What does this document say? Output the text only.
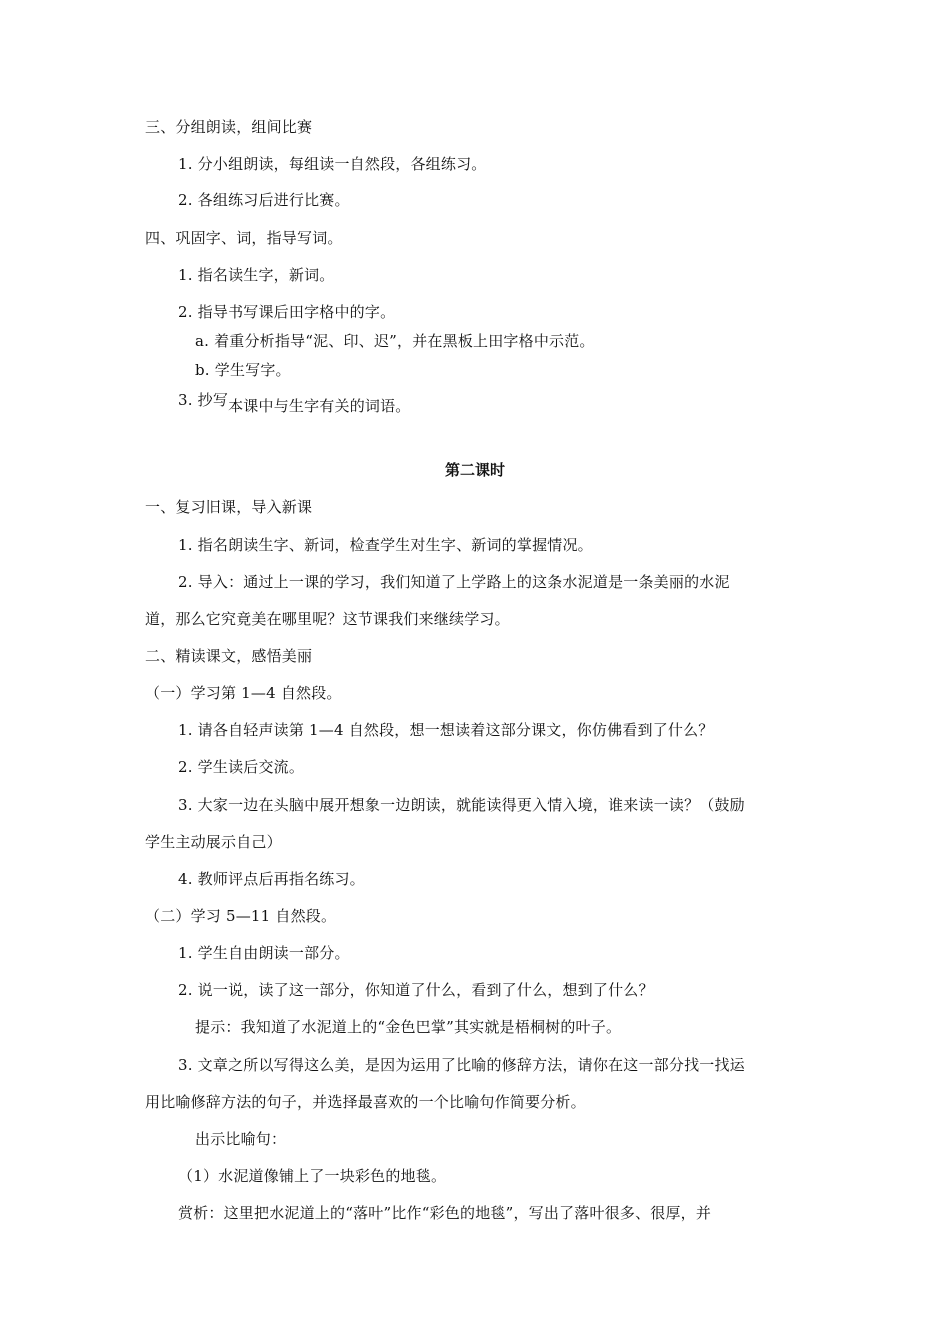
三、分组朗读，组间比赛
1. 分小组朗读，每组读一自然段，各组练习。
2. 各组练习后进行比赛。
四、巩固字、词，指导写词。
1. 指名读生字，新词。
2. 指导书写课后田字格中的字。
a. 着重分析指导“泥、印、迟”，并在黑板上田字格中示范。
b. 学生写字。
3. 抄写本课中与生字有关的词语。
第二课时
一、复习旧课，导入新课
1. 指名朗读生字、新词，检查学生对生字、新词的掌握情况。
2. 导入：通过上一课的学习，我们知道了上学路上的这条水泥道是一条美丽的水泥
道，那么它究竟美在哪里呢？这节课我们来继续学习。
二、精读课文，感悟美丽
（一）学习第 1—4 自然段。
1. 请各自轻声读第 1—4 自然段，想一想读着这部分课文，你仿佛看到了什么？
2. 学生读后交流。
3. 大家一边在头脑中展开想象一边朗读，就能读得更入情入境，谁来读一读？（鼓励
学生主动展示自己）
4. 教师评点后再指名练习。
（二）学习 5—11 自然段。
1. 学生自由朗读一部分。
2. 说一说，读了这一部分，你知道了什么，看到了什么，想到了什么？
提示：我知道了水泥道上的“金色巴掌”其实就是梧桐树的叶子。
3. 文章之所以写得这么美，是因为运用了比喻的修辞方法，请你在这一部分找一找运
用比喻修辞方法的句子，并选择最喜欢的一个比喻句作简要分析。
出示比喻句：
（1）水泥道像铺上了一块彩色的地毯。
赏析：这里把水泥道上的“落叶”比作“彩色的地毯”，写出了落叶很多、很厚，并
